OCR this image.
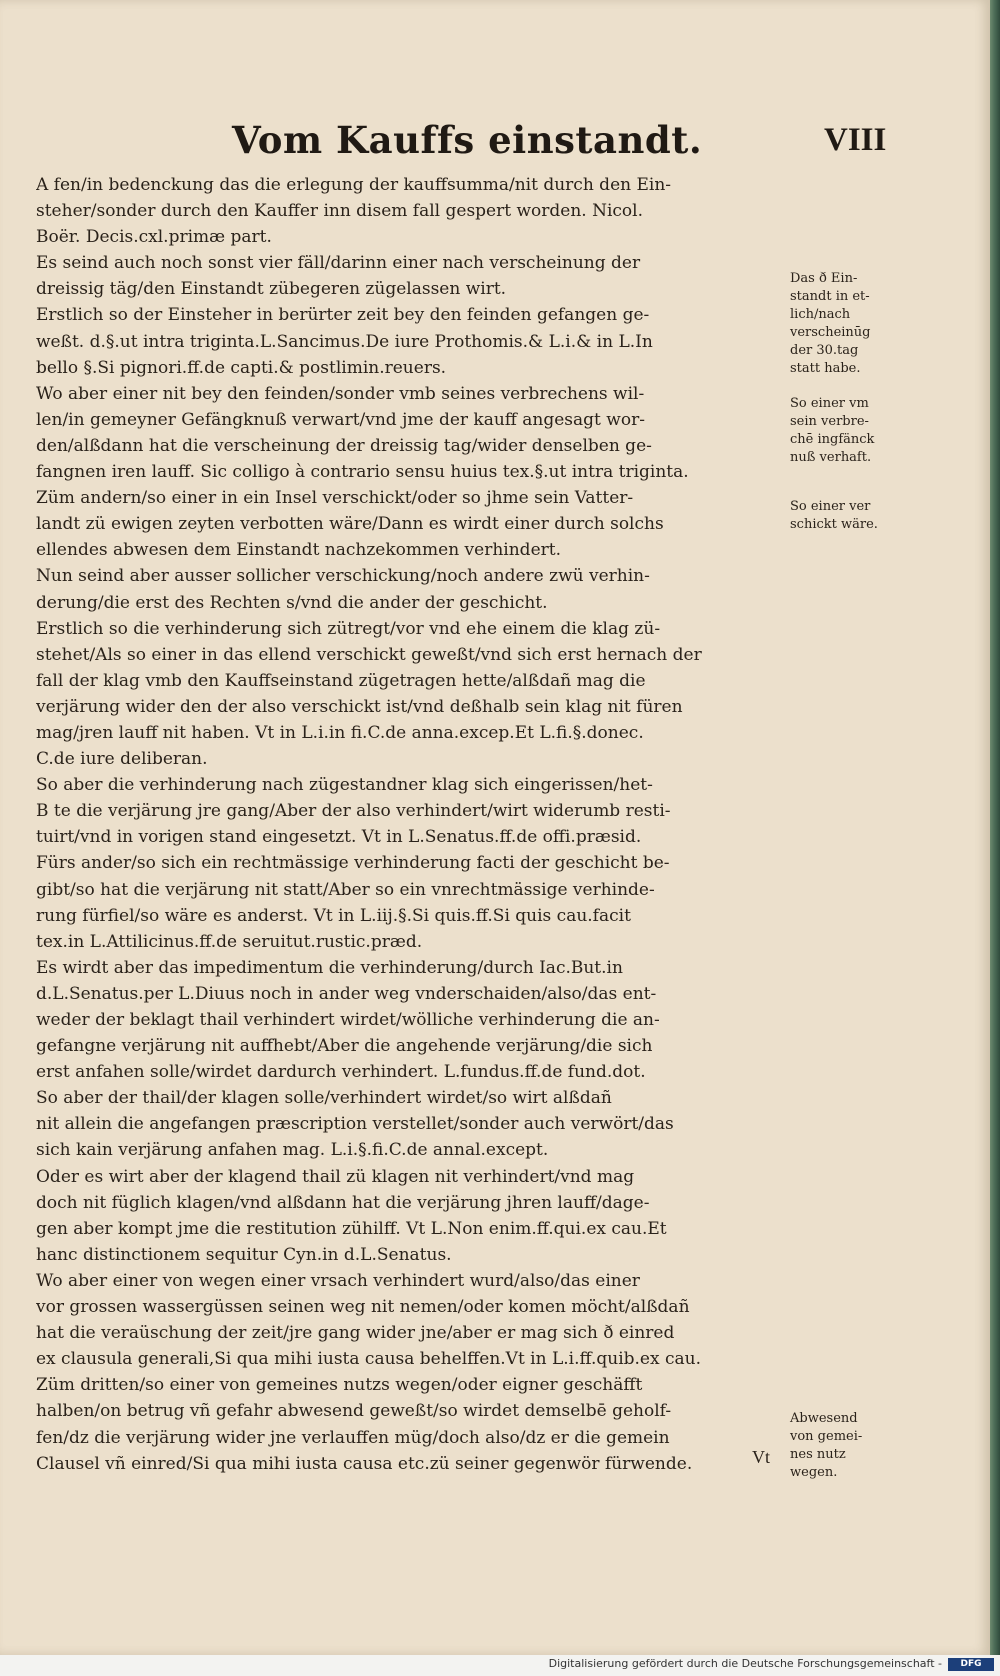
Vom Kauffs einstandt.	VIII
A fen/in bedenckung das die erlegung der kauffsumma/nit durch den Ein-
steher/sonder durch den Kauffer inn disem fall gespert worden. Nicol.
Boër. Decis.cxl.primæ part.
Es seind auch noch sonst vier fäll/darinn einer nach verscheinung der
dreissig täg/den Einstandt zübegeren zügelassen wirt.
Erstlich so der Einsteher in berürter zeit bey den feinden gefangen ge-
weßt. d.§.ut intra triginta.L.Sancimus.De iure Prothomis.& L.i.& in L.In
bello §.Si pignori.ff.de capti.& postlimin.reuers.
Wo aber einer nit bey den feinden/sonder vmb seines verbrechens wil-
len/in gemeyner Gefängknuß verwart/vnd jme der kauff angesagt wor-
den/alßdann hat die verscheinung der dreissig tag/wider denselben ge-
fangnen iren lauff. Sic colligo à contrario sensu huius tex.§.ut intra triginta.
Züm andern/so einer in ein Insel verschickt/oder so jhme sein Vatter-
landt zü ewigen zeyten verbotten wäre/Dann es wirdt einer durch solchs
ellendes abwesen dem Einstandt nachzekommen verhindert.
Nun seind aber ausser sollicher verschickung/noch andere zwü verhin-
derung/die erst des Rechten s/vnd die ander der geschicht.
Erstlich so die verhinderung sich zütregt/vor vnd ehe einem die klag zü-
stehet/Als so einer in das ellend verschickt geweßt/vnd sich erst hernach der
fall der klag vmb den Kauffseinstand zügetragen hette/alßdañ mag die
verjärung wider den der also verschickt ist/vnd deßhalb sein klag nit füren
mag/jren lauff nit haben. Vt in L.i.in fi.C.de anna.excep.Et L.fi.§.donec.
C.de iure deliberan.
So aber die verhinderung nach zügestandner klag sich eingerissen/het-
B te die verjärung jre gang/Aber der also verhindert/wirt widerumb resti-
tuirt/vnd in vorigen stand eingesetzt. Vt in L.Senatus.ff.de offi.præsid.
Fürs ander/so sich ein rechtmässige verhinderung facti der geschicht be-
gibt/so hat die verjärung nit statt/Aber so ein vnrechtmässige verhinde-
rung fürfiel/so wäre es anderst. Vt in L.iij.§.Si quis.ff.Si quis cau.facit
tex.in L.Attilicinus.ff.de seruitut.rustic.præd.
Es wirdt aber das impedimentum die verhinderung/durch Iac.But.in
d.L.Senatus.per L.Diuus noch in ander weg vnderschaiden/also/das ent-
weder der beklagt thail verhindert wirdet/wölliche verhinderung die an-
gefangne verjärung nit auffhebt/Aber die angehende verjärung/die sich
erst anfahen solle/wirdet dardurch verhindert. L.fundus.ff.de fund.dot.
So aber der thail/der klagen solle/verhindert wirdet/so wirt alßdañ
nit allein die angefangen præscription verstellet/sonder auch verwört/das
sich kain verjärung anfahen mag. L.i.§.fi.C.de annal.except.
Oder es wirt aber der klagend thail zü klagen nit verhindert/vnd mag
doch nit füglich klagen/vnd alßdann hat die verjärung jhren lauff/dage-
gen aber kompt jme die restitution zühilff. Vt L.Non enim.ff.qui.ex cau.Et
hanc distinctionem sequitur Cyn.in d.L.Senatus.
Wo aber einer von wegen einer vrsach verhindert wurd/also/das einer
vor grossen wassergüssen seinen weg nit nemen/oder komen möcht/alßdañ
hat die veraüschung der zeit/jre gang wider jne/aber er mag sich ð einred
ex clausula generali,Si qua mihi iusta causa behelffen.Vt in L.i.ff.quib.ex cau.
Züm dritten/so einer von gemeines nutzs wegen/oder eigner geschäfft
halben/on betrug vñ gefahr abwesend geweßt/so wirdet demselbē geholf-
fen/dz die verjärung wider jne verlauffen müg/doch also/dz er die gemein
Clausel vñ einred/Si qua mihi iusta causa etc.zü seiner gegenwör fürwende.
Das ð Ein-
standt in et-
lich/nach
verscheinūg
der 30.tag
statt habe.
So einer vm
sein verbre-
chē ingfänck
nuß verhaft.
So einer ver
schickt wäre.
Abwesend
von gemei-
nes nutz
wegen.
Vt
Digitalisierung gefördert durch die Deutsche Forschungsgemeinschaft -	DFG
